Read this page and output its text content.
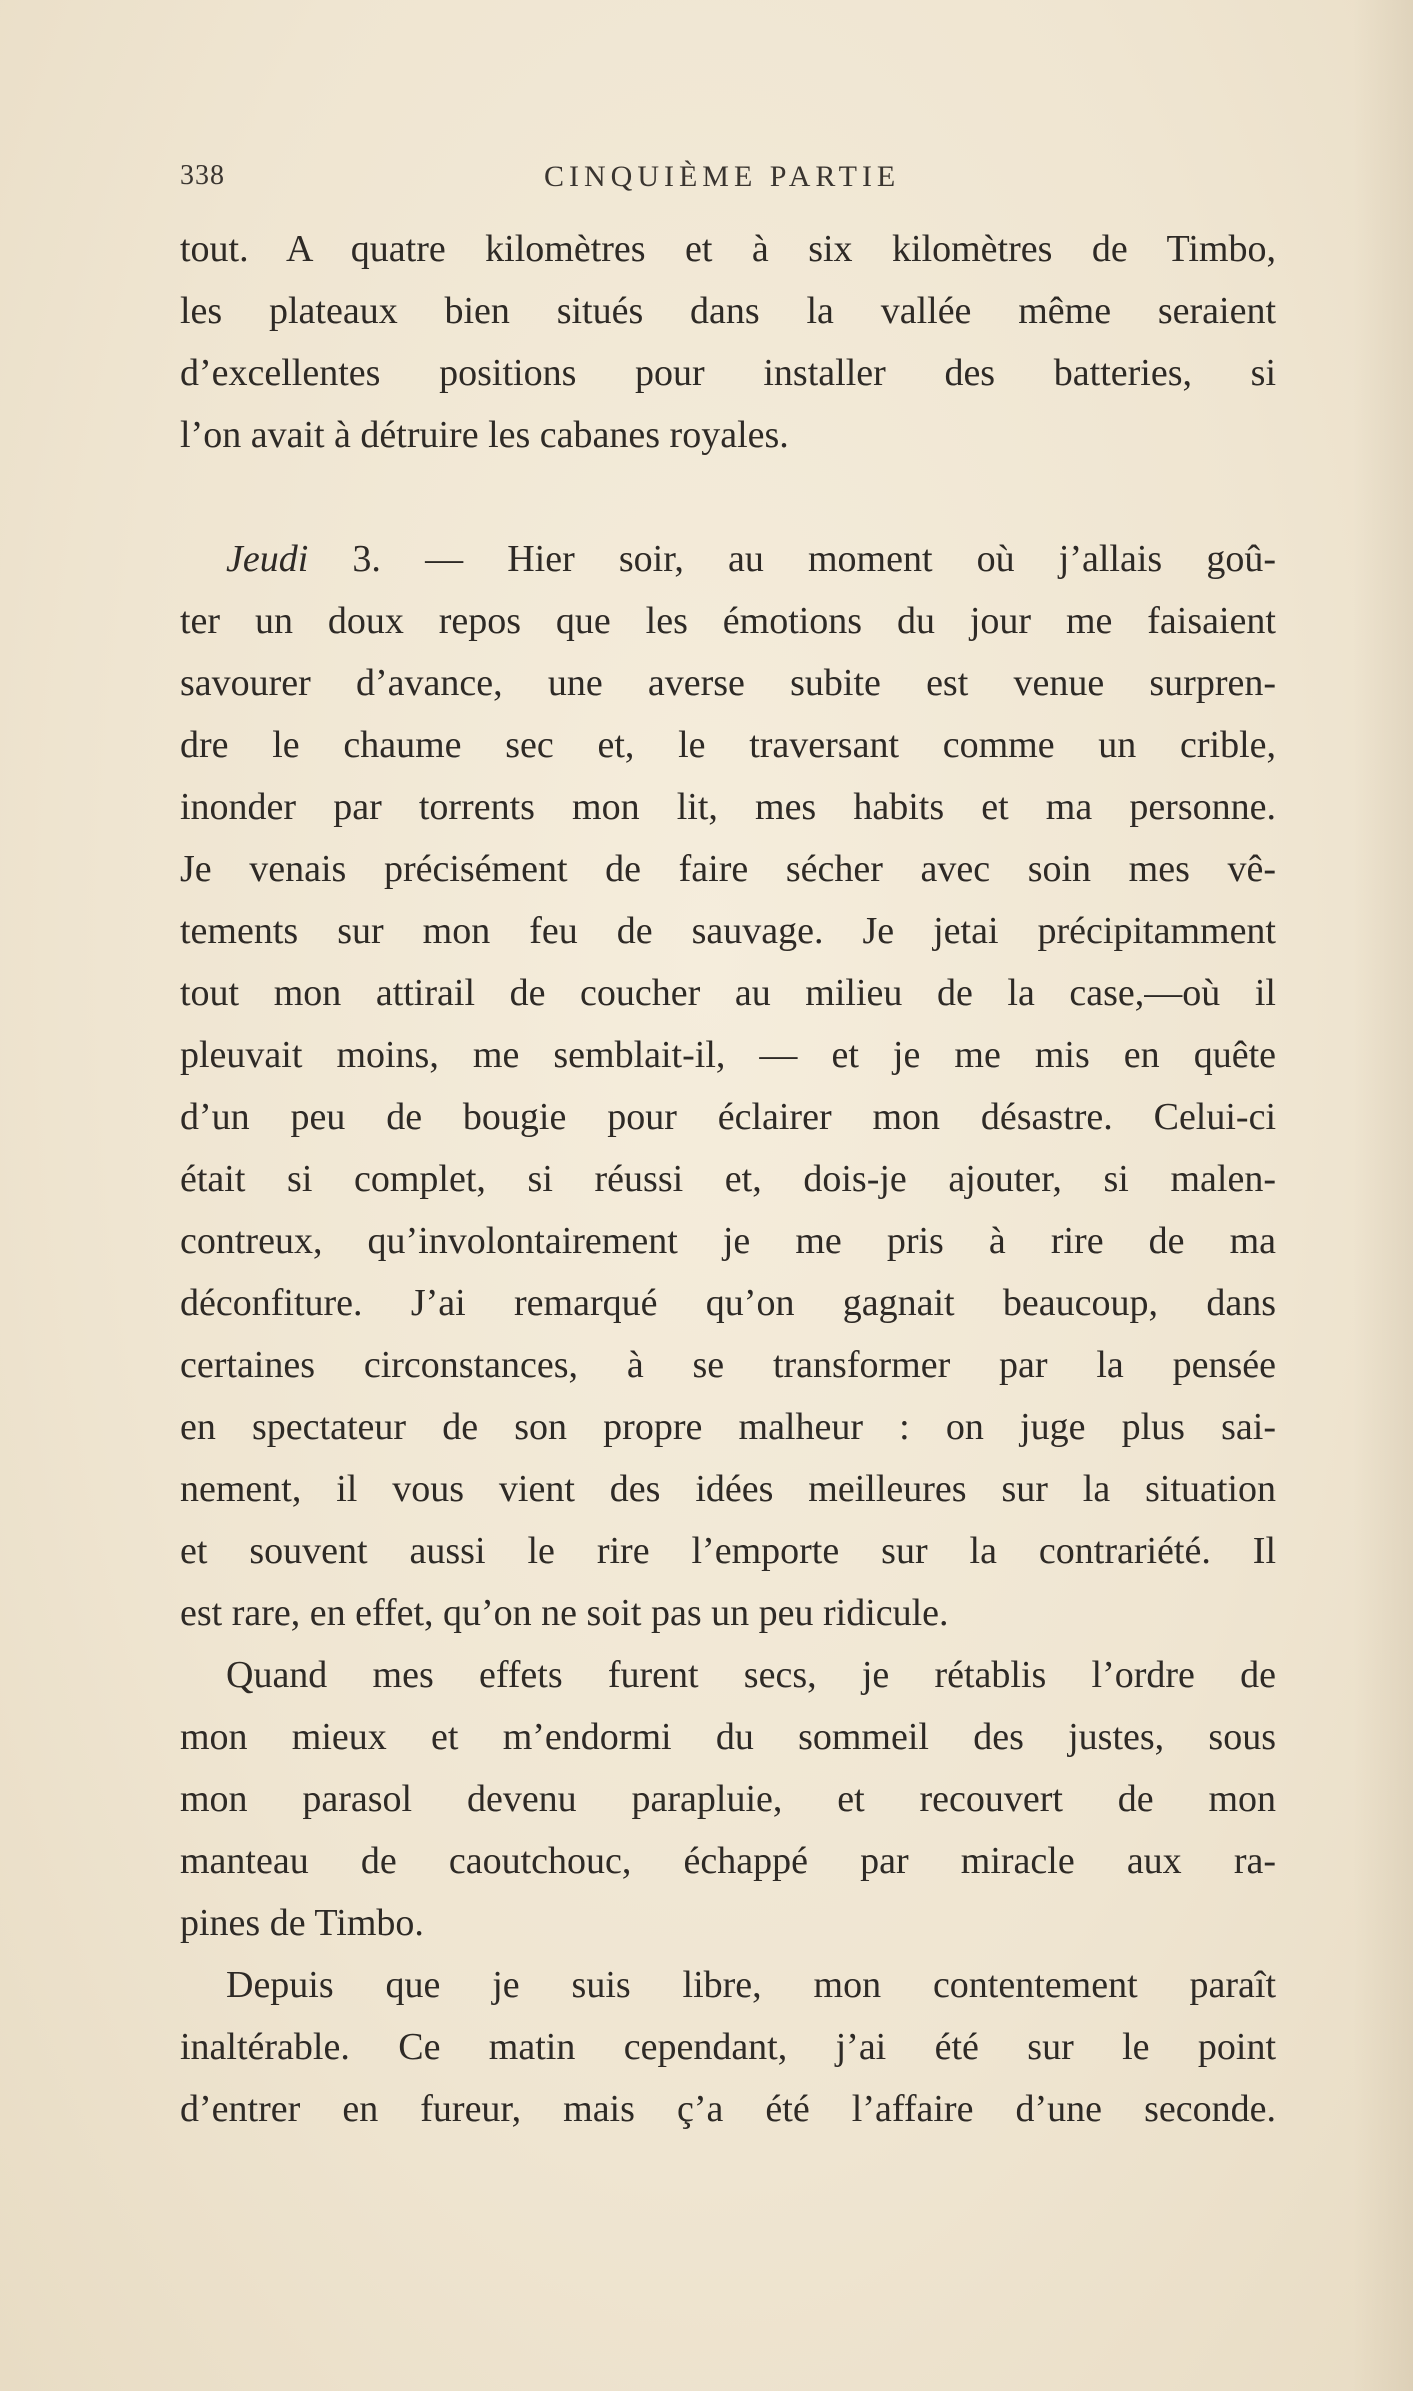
338	CINQUIÈME PARTIE
tout. A quatre kilomètres et à six kilomètres de Timbo,
les plateaux bien situés dans la vallée même seraient
d’excellentes positions pour installer des batteries, si
l’on avait à détruire les cabanes royales.
Jeudi 3. — Hier soir, au moment où j’allais goû-
ter un doux repos que les émotions du jour me faisaient
savourer d’avance, une averse subite est venue surpren-
dre le chaume sec et, le traversant comme un crible,
inonder par torrents mon lit, mes habits et ma personne.
Je venais précisément de faire sécher avec soin mes vê-
tements sur mon feu de sauvage. Je jetai précipitamment
tout mon attirail de coucher au milieu de la case,—où il
pleuvait moins, me semblait-il, — et je me mis en quête
d’un peu de bougie pour éclairer mon désastre. Celui-ci
était si complet, si réussi et, dois-je ajouter, si malen-
contreux, qu’involontairement je me pris à rire de ma
déconfiture. J’ai remarqué qu’on gagnait beaucoup, dans
certaines circonstances, à se transformer par la pensée
en spectateur de son propre malheur : on juge plus sai-
nement, il vous vient des idées meilleures sur la situation
et souvent aussi le rire l’emporte sur la contrariété. Il
est rare, en effet, qu’on ne soit pas un peu ridicule.
Quand mes effets furent secs, je rétablis l’ordre de
mon mieux et m’endormi du sommeil des justes, sous
mon parasol devenu parapluie, et recouvert de mon
manteau de caoutchouc, échappé par miracle aux ra-
pines de Timbo.
Depuis que je suis libre, mon contentement paraît
inaltérable. Ce matin cependant, j’ai été sur le point
d’entrer en fureur, mais ç’a été l’affaire d’une seconde.
